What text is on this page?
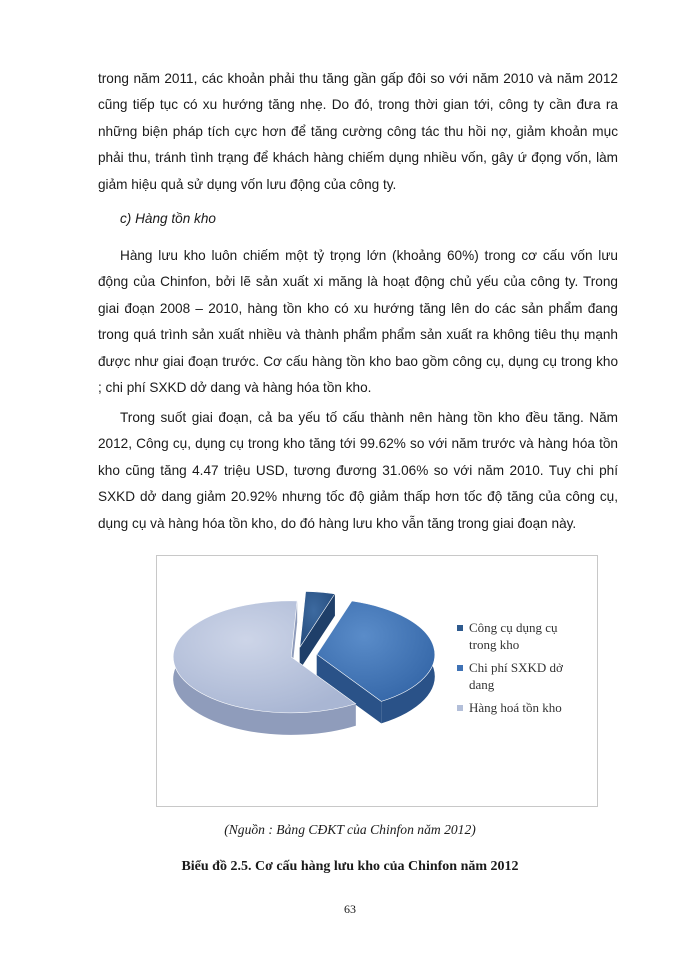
trong năm 2011, các khoản phải thu tăng gần gấp đôi so với năm 2010 và năm 2012 cũng tiếp tục có xu hướng tăng nhẹ. Do đó, trong thời gian tới, công ty cần đưa ra những biện pháp tích cực hơn để tăng cường công tác thu hồi nợ, giảm khoản mục phải thu, tránh tình trạng để khách hàng chiếm dụng nhiều vốn, gây ứ đọng vốn, làm giảm hiệu quả sử dụng vốn lưu động của công ty.

c) Hàng tồn kho

Hàng lưu kho luôn chiếm một tỷ trọng lớn (khoảng 60%) trong cơ cấu vốn lưu động của Chinfon, bởi lẽ sản xuất xi măng là hoạt động chủ yếu của công ty. Trong giai đoạn 2008 – 2010, hàng tồn kho có xu hướng tăng lên do các sản phẩm đang trong quá trình sản xuất nhiều và thành phẩm phẩm sản xuất ra không tiêu thụ mạnh được như giai đoạn trước. Cơ cấu hàng tồn kho bao gồm công cụ, dụng cụ trong kho ; chi phí SXKD dở dang và hàng hóa tồn kho.

Trong suốt giai đoạn, cả ba yếu tố cấu thành nên hàng tồn kho đều tăng. Năm 2012, Công cụ, dụng cụ trong kho tăng tới 99.62% so với năm trước và hàng hóa tồn kho cũng tăng 4.47 triệu USD, tương đương 31.06% so với năm 2010. Tuy chi phí SXKD dở dang giảm 20.92% nhưng tốc độ giảm thấp hơn tốc độ tăng của công cụ, dụng cụ và hàng hóa tồn kho, do đó hàng lưu kho vẫn tăng trong giai đoạn này.

Công cụ dụng cụ
trong kho
Chi phí SXKD dở
dang
Hàng hoá tồn kho

(Nguồn : Bảng CĐKT của Chinfon năm 2012)

Biểu đồ 2.5. Cơ cấu hàng lưu kho của Chinfon năm 2012

63
